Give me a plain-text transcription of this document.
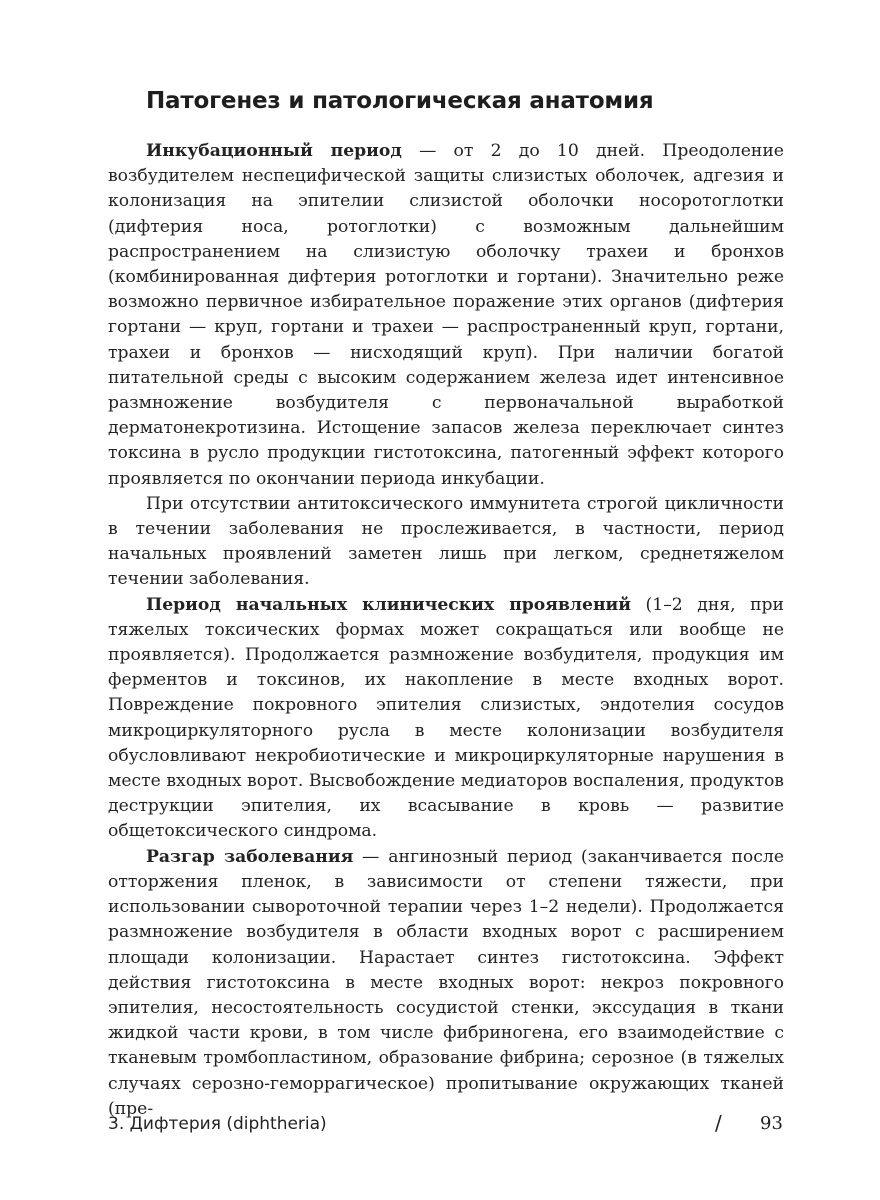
Патогенез и патологическая анатомия

Инкубационный период — от 2 до 10 дней. Преодоление возбудителем неспецифической защиты слизистых оболочек, адгезия и колонизация на эпителии слизистой оболочки носоротоглотки (дифтерия носа, ротоглотки) с возможным дальнейшим распространением на слизистую оболочку трахеи и бронхов (комбинированная дифтерия ротоглотки и гортани). Значительно реже возможно первичное избирательное поражение этих органов (дифтерия гортани — круп, гортани и трахеи — распространенный круп, гортани, трахеи и бронхов — нисходящий круп). При наличии богатой питательной среды с высоким содержанием железа идет интенсивное размножение возбудителя с первоначальной выработкой дерматонекротизина. Истощение запасов железа переключает синтез токсина в русло продукции гистотоксина, патогенный эффект которого проявляется по окончании периода инкубации.

При отсутствии антитоксического иммунитета строгой цикличности в течении заболевания не прослеживается, в частности, период начальных проявлений заметен лишь при легком, среднетяжелом течении заболевания.

Период начальных клинических проявлений (1–2 дня, при тяжелых токсических формах может сокращаться или вообще не проявляется). Продолжается размножение возбудителя, продукция им ферментов и токсинов, их накопление в месте входных ворот. Повреждение покровного эпителия слизистых, эндотелия сосудов микроциркуляторного русла в месте колонизации возбудителя обусловливают некробиотические и микроциркуляторные нарушения в месте входных ворот. Высвобождение медиаторов воспаления, продуктов деструкции эпителия, их всасывание в кровь — развитие общетоксического синдрома.

Разгар заболевания — ангинозный период (заканчивается после отторжения пленок, в зависимости от степени тяжести, при использовании сывороточной терапии через 1–2 недели). Продолжается размножение возбудителя в области входных ворот с расширением площади колонизации. Нарастает синтез гистотоксина. Эффект действия гистотоксина в месте входных ворот: некроз покровного эпителия, несостоятельность сосудистой стенки, экссудация в ткани жидкой части крови, в том числе фибриногена, его взаимодействие с тканевым тромбопластином, образование фибрина; серозное (в тяжелых случаях серозно-геморрагическое) пропитывание окружающих тканей (пре-

3. Дифтерия (diphtheria)	/ 93
